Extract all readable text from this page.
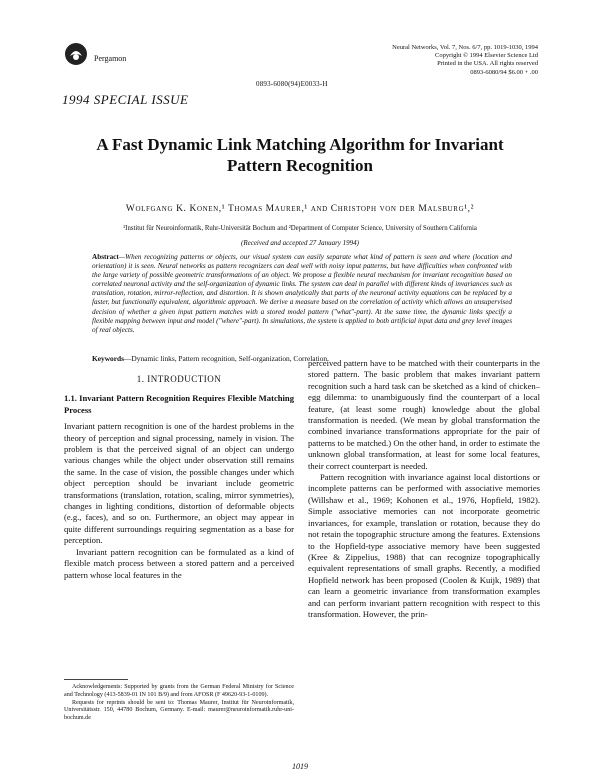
Pergamon
Neural Networks, Vol. 7, Nos. 6/7, pp. 1019-1030, 1994
Copyright © 1994 Elsevier Science Ltd
Printed in the USA. All rights reserved
0893-6080/94 $6.00 + .00
0893-6080(94)E0033-H
1994 SPECIAL ISSUE
A Fast Dynamic Link Matching Algorithm for Invariant
Pattern Recognition
Wolfgang K. Konen,¹ Thomas Maurer,¹ and Christoph von der Malsburg¹,²
¹Institut für Neuroinformatik, Ruhr-Universität Bochum and ²Department of Computer Science, University of Southern California
(Received and accepted 27 January 1994)
Abstract—When recognizing patterns or objects, our visual system can easily separate what kind of pattern is seen and where (location and orientation) it is seen. Neural networks as pattern recognizers can deal well with noisy input patterns, but have difficulties when confronted with the large variety of possible geometric transformations of an object. We propose a flexible neural mechanism for invariant recognition based on correlated neuronal activity and the self-organization of dynamic links. The system can deal in parallel with different kinds of invariances such as translation, rotation, mirror-reflection, and distortion. It is shown analytically that parts of the neuronal activity equations can be replaced by a faster, but functionally equivalent, algorithmic approach. We derive a measure based on the correlation of activity which allows an unsupervised decision of whether a given input pattern matches with a stored model pattern ("what"-part). At the same time, the dynamic links specify a flexible mapping between input and model ("where"-part). In simulations, the system is applied to both artificial input data and grey level images of real objects.
Keywords—Dynamic links, Pattern recognition, Self-organization, Correlation.
1. INTRODUCTION
1.1. Invariant Pattern Recognition Requires Flexible Matching Process

Invariant pattern recognition is one of the hardest problems in the theory of perception and signal processing, namely in vision. The problem is that the perceived signal of an object can undergo various changes while the object under observation still remains the same. In the case of vision, the possible changes under which object perception should be invariant include geometric transformations (translation, rotation, scaling, mirror symmetries), changes in lighting conditions, distortion of deformable objects (e.g., faces), and so on. Furthermore, an object may appear in quite different surroundings requiring segmentation as a base for perception.

Invariant pattern recognition can be formulated as a kind of flexible match process between a stored pattern and a perceived pattern whose local features in the

perceived pattern have to be matched with their counterparts in the stored pattern. The basic problem that makes invariant pattern recognition such a hard task can be sketched as a kind of chicken–egg dilemma: to unambiguously find the counterpart of a local feature, (at least some rough) knowledge about the global transformation is needed. (We mean by global transformation the combined invariance transformations appropriate for the pair of patterns to be matched.) On the other hand, in order to estimate the unknown global transformation, at least for some local features, their correct counterpart is needed.

Pattern recognition with invariance against local distortions or incomplete patterns can be performed with associative memories (Willshaw et al., 1969; Kohonen et al., 1976, Hopfield, 1982). Simple associative memories can not incorporate geometric invariances, for example, translation or rotation, because they do not retain the topographic structure among the features. Extensions to the Hopfield-type associative memory have been suggested (Kree & Zippelius, 1988) that can recognize topographically equivalent representations of small graphs. Recently, a modified Hopfield network has been proposed (Coolen & Kuijk, 1989) that can learn a geometric invariance from transformation examples and can perform invariant pattern recognition with respect to this transformation. However, the prin-

Acknowledgements: Supported by grants from the German Federal Ministry for Science and Technology (413-5839-01 IN 101 B/9) and from AFOSR (F 49620-93-1-0109).
Requests for reprints should be sent to: Thomas Maurer, Institut für Neuroinformatik, Universitätsstr. 150, 44780 Bochum, Germany. E-mail: maurer@neuroinformatik.ruhr-uni-bochum.de
1019
